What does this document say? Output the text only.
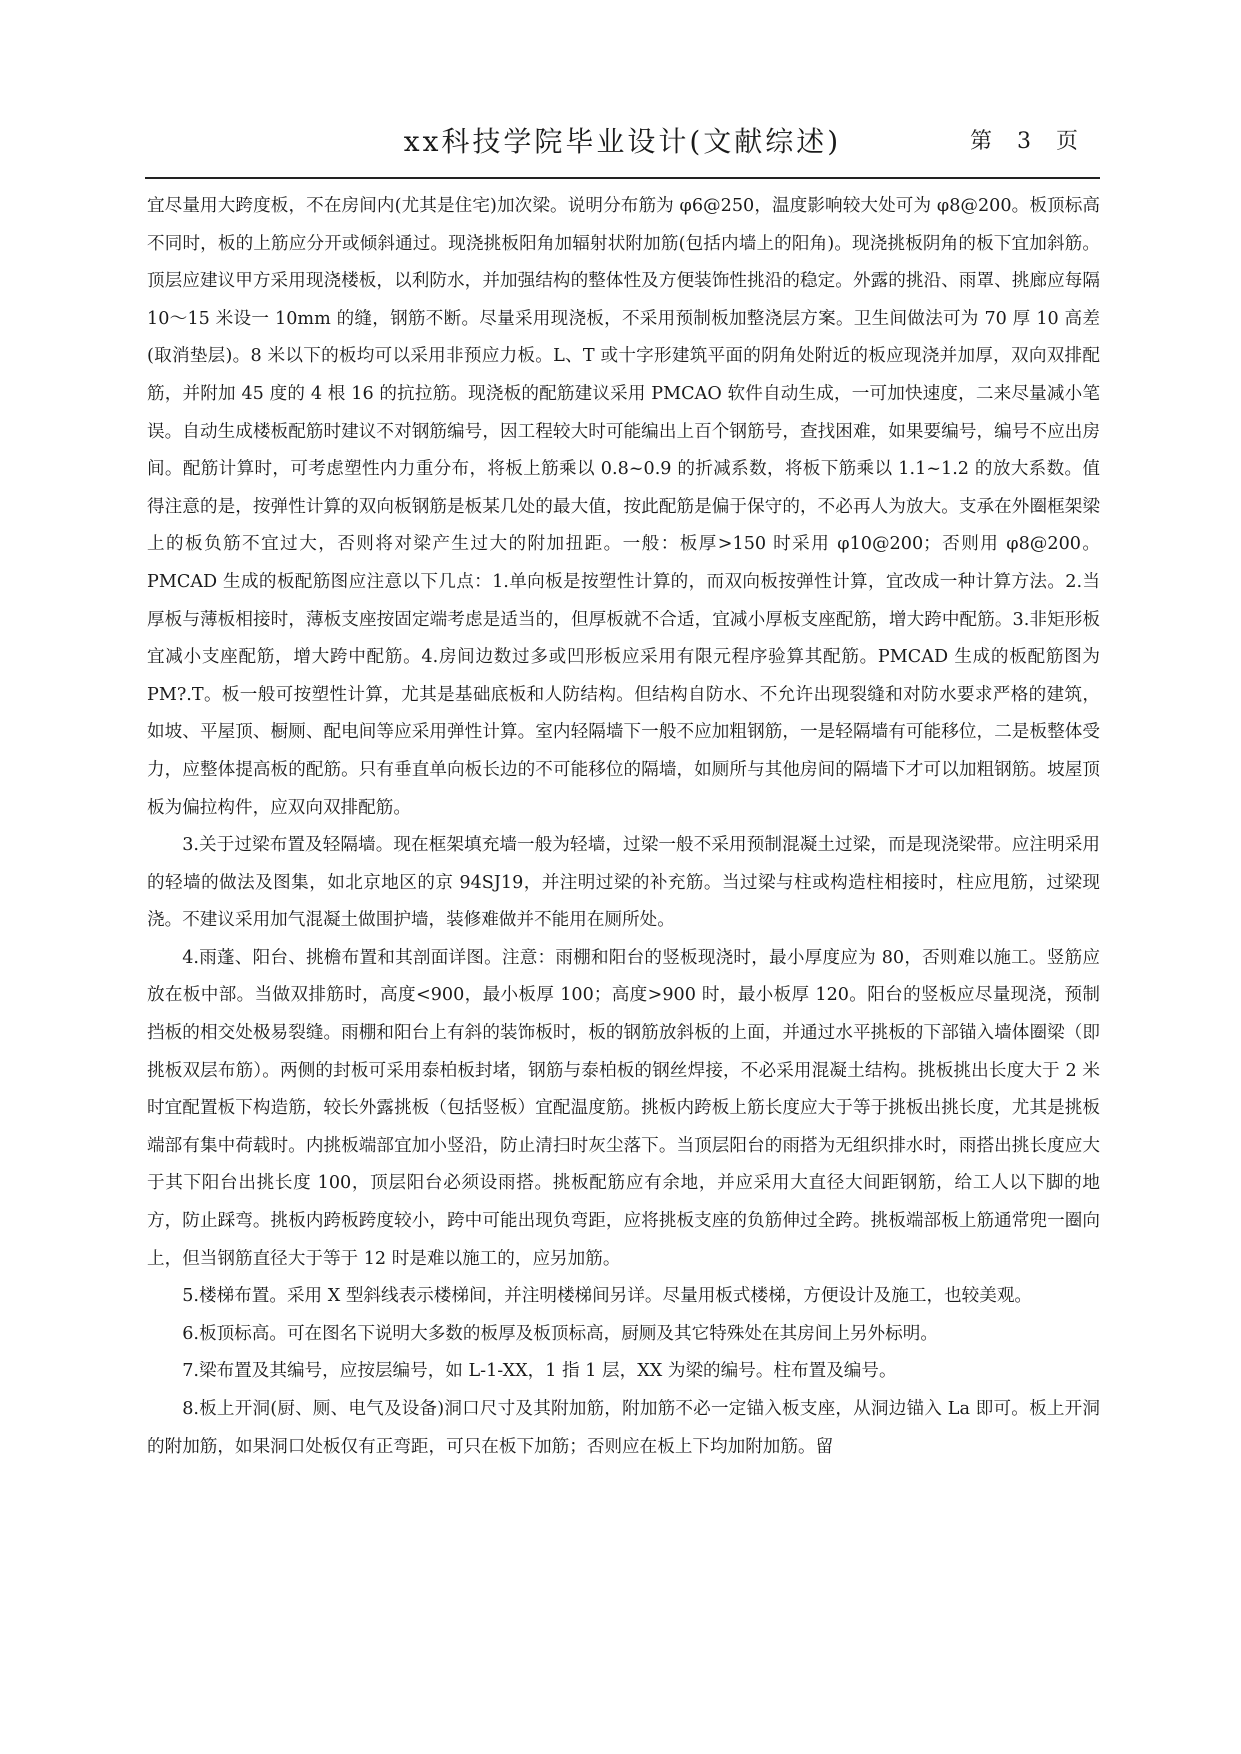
xx科技学院毕业设计(文献综述)	第 3 页

宜尽量用大跨度板，不在房间内(尤其是住宅)加次梁。说明分布筋为 φ6@250，温度影响较大处可为 φ8@200。板顶标高不同时，板的上筋应分开或倾斜通过。现浇挑板阳角加辐射状附加筋(包括内墙上的阳角)。现浇挑板阴角的板下宜加斜筋。顶层应建议甲方采用现浇楼板，以利防水，并加强结构的整体性及方便装饰性挑沿的稳定。外露的挑沿、雨罩、挑廊应每隔 10～15 米设一 10mm 的缝，钢筋不断。尽量采用现浇板，不采用预制板加整浇层方案。卫生间做法可为 70 厚 10 高差(取消垫层)。8 米以下的板均可以采用非预应力板。L、T 或十字形建筑平面的阴角处附近的板应现浇并加厚，双向双排配筋，并附加 45 度的 4 根 16 的抗拉筋。现浇板的配筋建议采用 PMCAO 软件自动生成，一可加快速度，二来尽量减小笔误。自动生成楼板配筋时建议不对钢筋编号，因工程较大时可能编出上百个钢筋号，查找困难，如果要编号，编号不应出房间。配筋计算时，可考虑塑性内力重分布，将板上筋乘以 0.8~0.9 的折减系数，将板下筋乘以 1.1~1.2 的放大系数。值得注意的是，按弹性计算的双向板钢筋是板某几处的最大值，按此配筋是偏于保守的，不必再人为放大。支承在外圈框架梁上的板负筋不宜过大，否则将对梁产生过大的附加扭距。一般：板厚>150 时采用 φ10@200；否则用 φ8@200。PMCAD 生成的板配筋图应注意以下几点：1.单向板是按塑性计算的，而双向板按弹性计算，宜改成一种计算方法。2.当厚板与薄板相接时，薄板支座按固定端考虑是适当的，但厚板就不合适，宜减小厚板支座配筋，增大跨中配筋。3.非矩形板宜减小支座配筋，增大跨中配筋。4.房间边数过多或凹形板应采用有限元程序验算其配筋。PMCAD 生成的板配筋图为 PM?.T。板一般可按塑性计算，尤其是基础底板和人防结构。但结构自防水、不允许出现裂缝和对防水要求严格的建筑，如坡、平屋顶、橱厕、配电间等应采用弹性计算。室内轻隔墙下一般不应加粗钢筋，一是轻隔墙有可能移位，二是板整体受力，应整体提高板的配筋。只有垂直单向板长边的不可能移位的隔墙，如厕所与其他房间的隔墙下才可以加粗钢筋。坡屋顶板为偏拉构件，应双向双排配筋。

3.关于过梁布置及轻隔墙。现在框架填充墙一般为轻墙，过梁一般不采用预制混凝土过梁，而是现浇梁带。应注明采用的轻墙的做法及图集，如北京地区的京 94SJ19，并注明过梁的补充筋。当过梁与柱或构造柱相接时，柱应甩筋，过梁现浇。不建议采用加气混凝土做围护墙，装修难做并不能用在厕所处。

4.雨蓬、阳台、挑檐布置和其剖面详图。注意：雨棚和阳台的竖板现浇时，最小厚度应为 80，否则难以施工。竖筋应放在板中部。当做双排筋时，高度<900，最小板厚 100；高度>900 时，最小板厚 120。阳台的竖板应尽量现浇，预制挡板的相交处极易裂缝。雨棚和阳台上有斜的装饰板时，板的钢筋放斜板的上面，并通过水平挑板的下部锚入墙体圈梁（即挑板双层布筋）。两侧的封板可采用泰柏板封堵，钢筋与泰柏板的钢丝焊接，不必采用混凝土结构。挑板挑出长度大于 2 米时宜配置板下构造筋，较长外露挑板（包括竖板）宜配温度筋。挑板内跨板上筋长度应大于等于挑板出挑长度，尤其是挑板端部有集中荷载时。内挑板端部宜加小竖沿，防止清扫时灰尘落下。当顶层阳台的雨搭为无组织排水时，雨搭出挑长度应大于其下阳台出挑长度 100，顶层阳台必须设雨搭。挑板配筋应有余地，并应采用大直径大间距钢筋，给工人以下脚的地方，防止踩弯。挑板内跨板跨度较小，跨中可能出现负弯距，应将挑板支座的负筋伸过全跨。挑板端部板上筋通常兜一圈向上，但当钢筋直径大于等于 12 时是难以施工的，应另加筋。

5.楼梯布置。采用 X 型斜线表示楼梯间，并注明楼梯间另详。尽量用板式楼梯，方便设计及施工，也较美观。

6.板顶标高。可在图名下说明大多数的板厚及板顶标高，厨厕及其它特殊处在其房间上另外标明。

7.梁布置及其编号，应按层编号，如 L-1-XX，1 指 1 层，XX 为梁的编号。柱布置及编号。

8.板上开洞(厨、厕、电气及设备)洞口尺寸及其附加筋，附加筋不必一定锚入板支座，从洞边锚入 La 即可。板上开洞的附加筋，如果洞口处板仅有正弯距，可只在板下加筋；否则应在板上下均加附加筋。留
